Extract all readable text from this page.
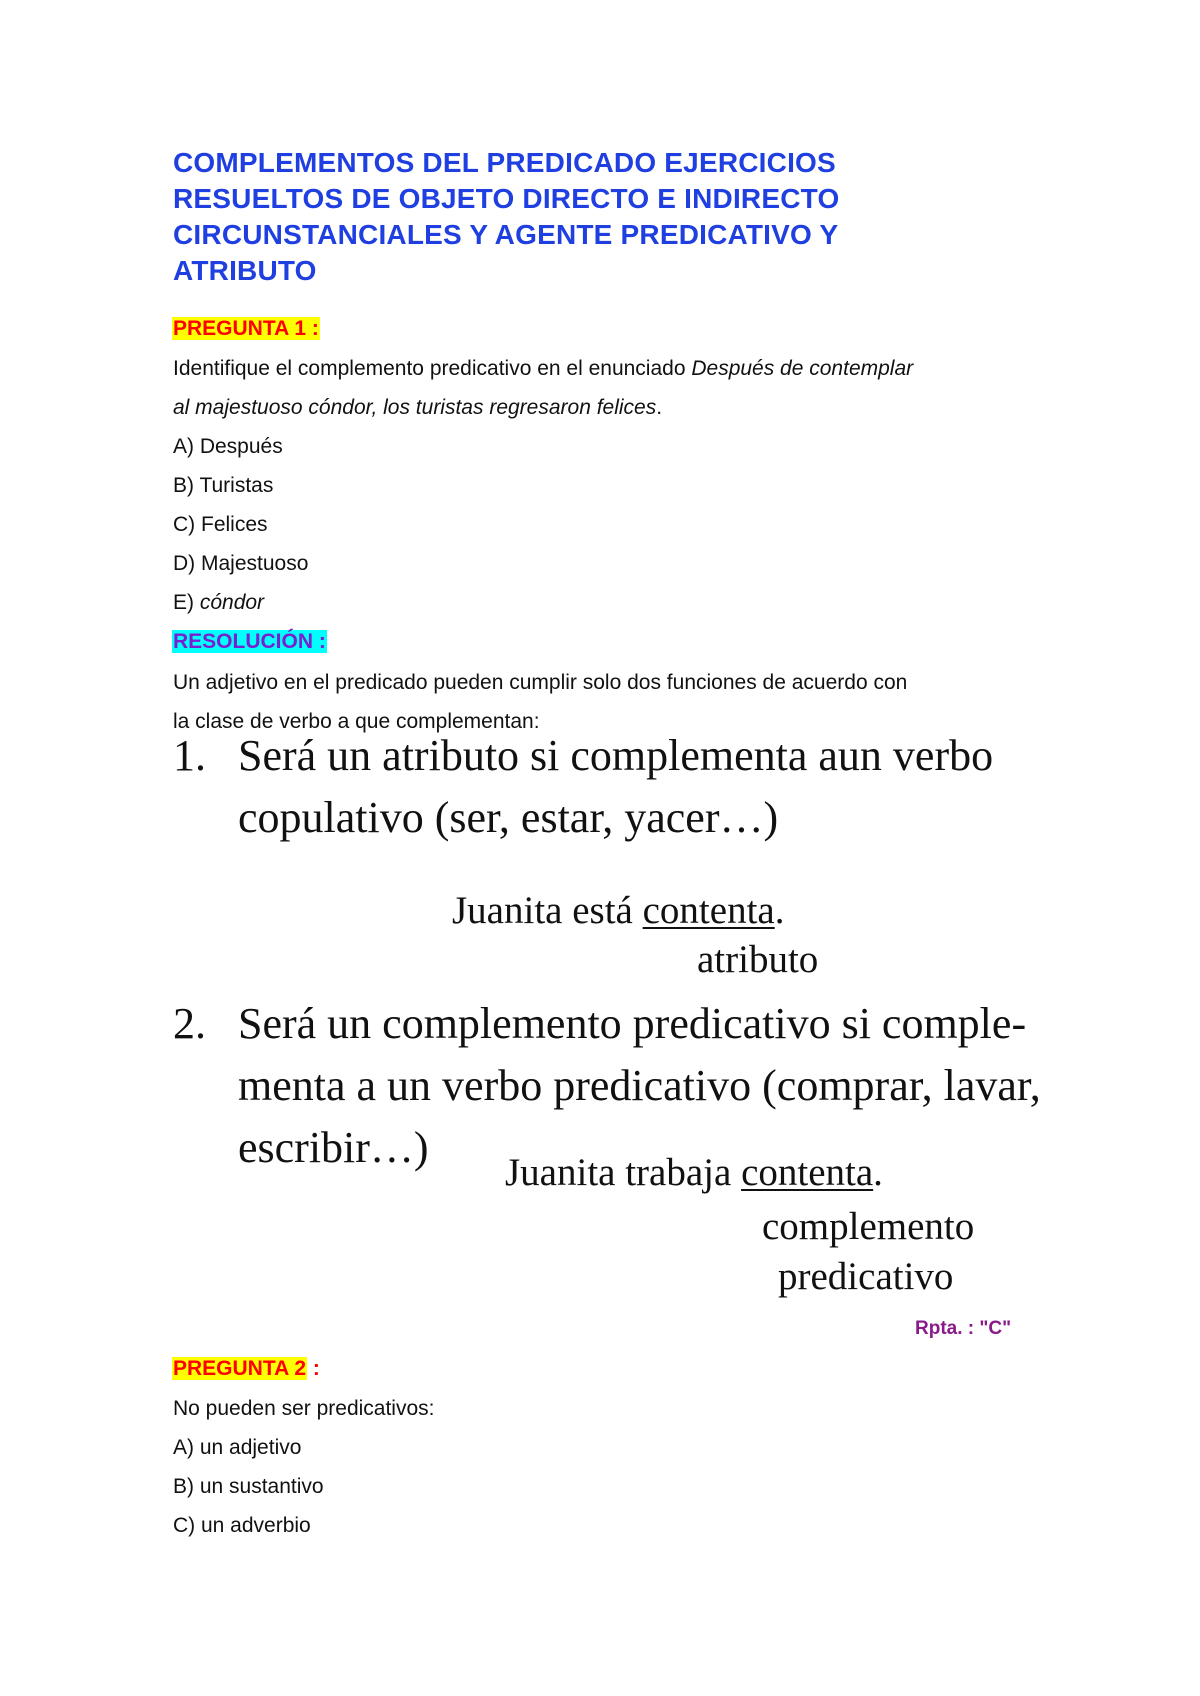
COMPLEMENTOS DEL PREDICADO EJERCICIOS
RESUELTOS DE OBJETO DIRECTO E INDIRECTO
CIRCUNSTANCIALES Y AGENTE PREDICATIVO Y
ATRIBUTO
PREGUNTA 1 :
Identifique el complemento predicativo en el enunciado Después de contemplar
al majestuoso cóndor, los turistas regresaron felices.
A) Después
B) Turistas
C) Felices
D) Majestuoso
E) cóndor
RESOLUCIÓN :
Un adjetivo en el predicado pueden cumplir solo dos funciones de acuerdo con
la clase de verbo a que complementan:
1. Será un atributo si complementa aun verbo
copulativo (ser, estar, yacer…)
Juanita está contenta.
atributo
2. Será un complemento predicativo si comple-
menta a un verbo predicativo (comprar, lavar,
escribir…)
Juanita trabaja contenta.
complemento
predicativo
Rpta. : "C"
PREGUNTA 2 :
No pueden ser predicativos:
A) un adjetivo
B) un sustantivo
C) un adverbio
